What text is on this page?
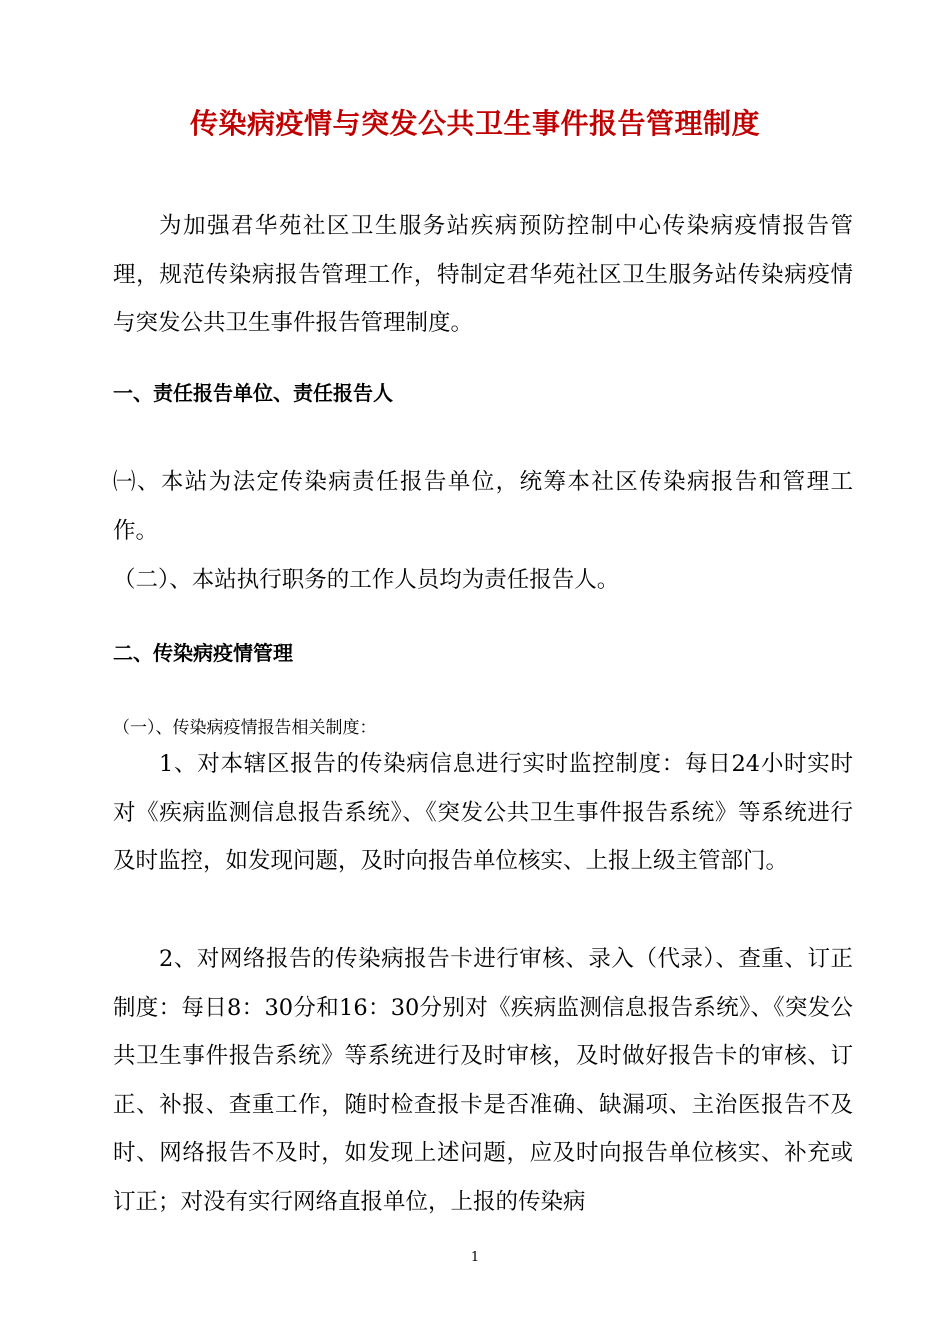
传染病疫情与突发公共卫生事件报告管理制度

为加强君华苑社区卫生服务站疾病预防控制中心传染病疫情报告管理，规范传染病报告管理工作，特制定君华苑社区卫生服务站传染病疫情与突发公共卫生事件报告管理制度。

一、责任报告单位、责任报告人

㈠、本站为法定传染病责任报告单位，统筹本社区传染病报告和管理工作。

（二）、本站执行职务的工作人员均为责任报告人。

二、传染病疫情管理

（一）、传染病疫情报告相关制度：

1、对本辖区报告的传染病信息进行实时监控制度：每日24小时实时对《疾病监测信息报告系统》、《突发公共卫生事件报告系统》等系统进行及时监控，如发现问题，及时向报告单位核实、上报上级主管部门。

2、对网络报告的传染病报告卡进行审核、录入（代录）、查重、订正制度：每日8：30分和16：30分别对《疾病监测信息报告系统》、《突发公共卫生事件报告系统》等系统进行及时审核，及时做好报告卡的审核、订正、补报、查重工作，随时检查报卡是否准确、缺漏项、主治医报告不及时、网络报告不及时，如发现上述问题，应及时向报告单位核实、补充或订正；对没有实行网络直报单位，上报的传染病

1
